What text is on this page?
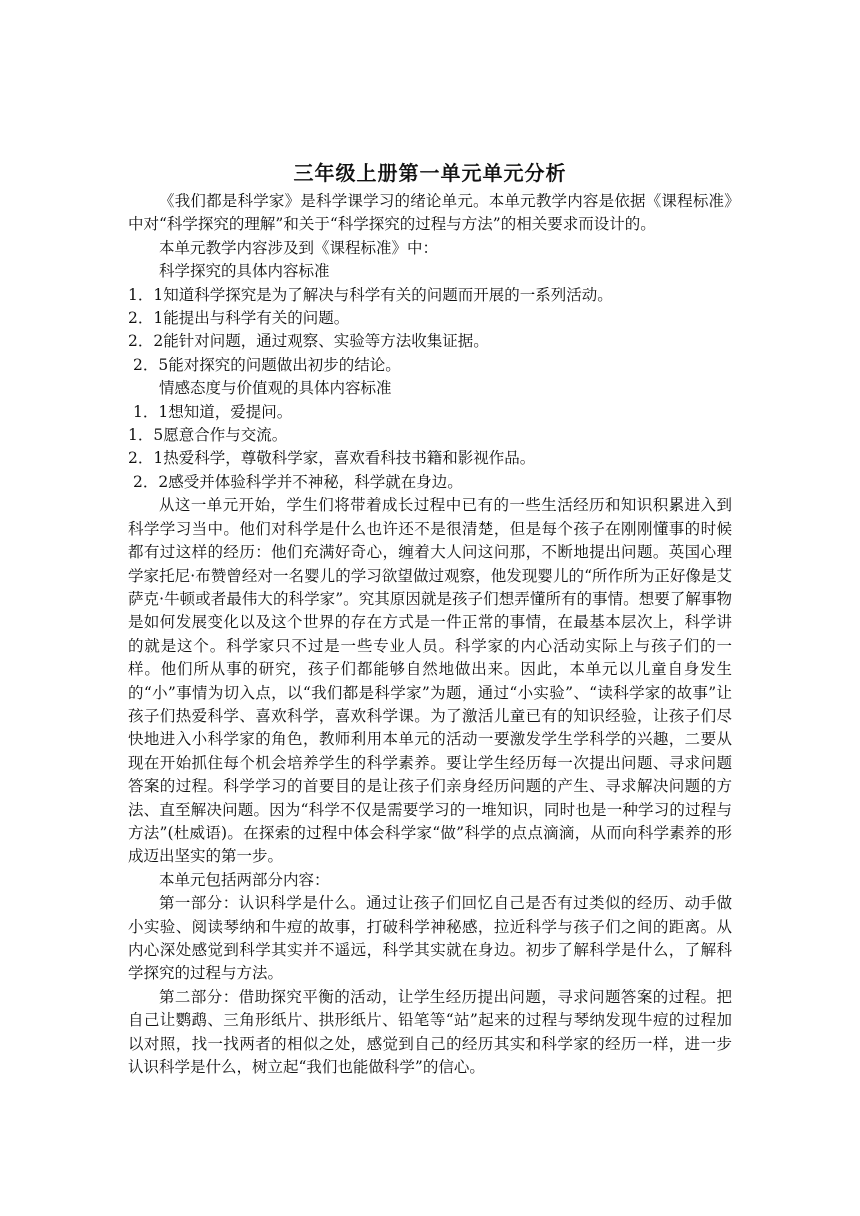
三年级上册第一单元单元分析

《我们都是科学家》是科学课学习的绪论单元。本单元教学内容是依据《课程标准》中对“科学探究的理解”和关于“科学探究的过程与方法”的相关要求而设计的。

本单元教学内容涉及到《课程标准》中：

科学探究的具体内容标准

1．1知道科学探究是为了解决与科学有关的问题而开展的一系列活动。

2．1能提出与科学有关的问题。

2．2能针对问题，通过观察、实验等方法收集证据。

2．5能对探究的问题做出初步的结论。

情感态度与价值观的具体内容标准

1．1想知道，爱提问。

1．5愿意合作与交流。

2．1热爱科学，尊敬科学家，喜欢看科技书籍和影视作品。

2．2感受并体验科学并不神秘，科学就在身边。

从这一单元开始，学生们将带着成长过程中已有的一些生活经历和知识积累进入到科学学习当中。他们对科学是什么也许还不是很清楚，但是每个孩子在刚刚懂事的时候都有过这样的经历：他们充满好奇心，缠着大人问这问那，不断地提出问题。英国心理学家托尼·布赞曾经对一名婴儿的学习欲望做过观察，他发现婴儿的“所作所为正好像是艾萨克·牛顿或者最伟大的科学家”。究其原因就是孩子们想弄懂所有的事情。想要了解事物是如何发展变化以及这个世界的存在方式是一件正常的事情，在最基本层次上，科学讲的就是这个。科学家只不过是一些专业人员。科学家的内心活动实际上与孩子们的一样。他们所从事的研究，孩子们都能够自然地做出来。因此，本单元以儿童自身发生的“小”事情为切入点，以“我们都是科学家”为题，通过“小实验”、“读科学家的故事”让孩子们热爱科学、喜欢科学，喜欢科学课。为了激活儿童已有的知识经验，让孩子们尽快地进入小科学家的角色，教师利用本单元的活动一要激发学生学科学的兴趣，二要从现在开始抓住每个机会培养学生的科学素养。要让学生经历每一次提出问题、寻求问题答案的过程。科学学习的首要目的是让孩子们亲身经历问题的产生、寻求解决问题的方法、直至解决问题。因为“科学不仅是需要学习的一堆知识，同时也是一种学习的过程与方法”(杜威语)。在探索的过程中体会科学家“做”科学的点点滴滴，从而向科学素养的形成迈出坚实的第一步。

本单元包括两部分内容：

第一部分：认识科学是什么。通过让孩子们回忆自己是否有过类似的经历、动手做小实验、阅读琴纳和牛痘的故事，打破科学神秘感，拉近科学与孩子们之间的距离。从内心深处感觉到科学其实并不遥远，科学其实就在身边。初步了解科学是什么，了解科学探究的过程与方法。

第二部分：借助探究平衡的活动，让学生经历提出问题，寻求问题答案的过程。把自己让鹦鹉、三角形纸片、拱形纸片、铅笔等“站”起来的过程与琴纳发现牛痘的过程加以对照，找一找两者的相似之处，感觉到自己的经历其实和科学家的经历一样，进一步认识科学是什么，树立起“我们也能做科学”的信心。
